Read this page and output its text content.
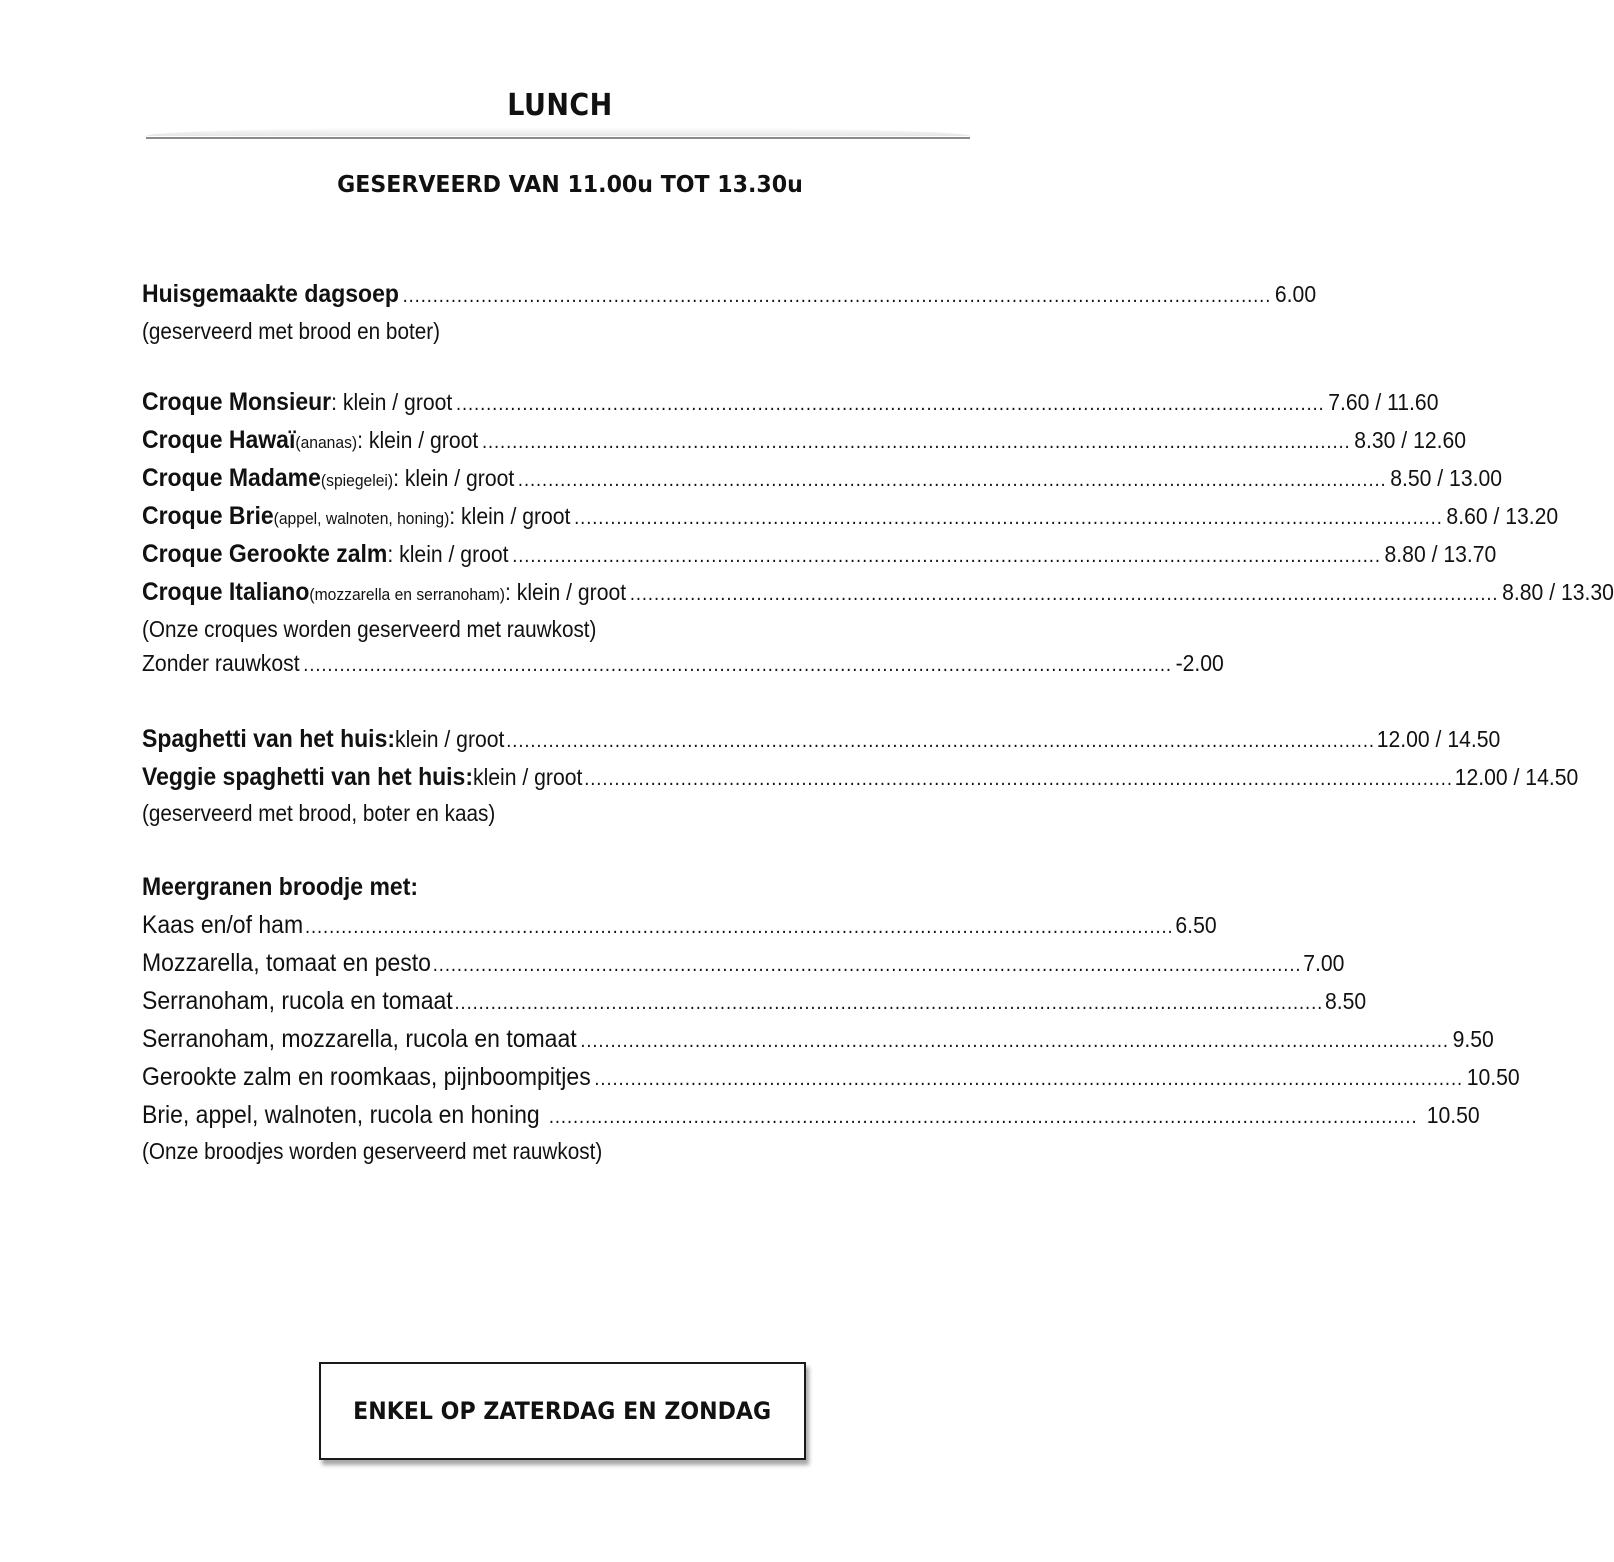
LUNCH
GESERVEERD VAN 11.00u TOT 13.30u
Huisgemaakte dagsoep ................................................................................................................................................ 6.00
(geserveerd met brood en boter)
Croque Monsieur : klein / groot ................................................................................................................................................ 7.60 / 11.60
Croque Hawaï (ananas) : klein / groot ................................................................................................................................................ 8.30 / 12.60
Croque Madame (spiegelei) : klein / groot ................................................................................................................................................ 8.50 / 13.00
Croque Brie (appel, walnoten, honing) : klein / groot ................................................................................................................................................ 8.60 / 13.20
Croque Gerookte zalm : klein / groot ................................................................................................................................................ 8.80 / 13.70
Croque Italiano (mozzarella en serranoham) : klein / groot ................................................................................................................................................ 8.80 / 13.30
(Onze croques worden geserveerd met rauwkost)
Zonder rauwkost ................................................................................................................................................ -2.00
Spaghetti van het huis: klein / groot ................................................................................................................................................ 12.00 / 14.50
Veggie spaghetti van het huis: klein / groot ................................................................................................................................................ 12.00 / 14.50
(geserveerd met brood, boter en kaas)
Meergranen broodje met:
Kaas en/of ham ................................................................................................................................................ 6.50
Mozzarella, tomaat en pesto ................................................................................................................................................ 7.00
Serranoham, rucola en tomaat ................................................................................................................................................ 8.50
Serranoham, mozzarella, rucola en tomaat ................................................................................................................................................ 9.50
Gerookte zalm en roomkaas, pijnboompitjes ................................................................................................................................................ 10.50
Brie, appel, walnoten, rucola en honing ................................................................................................................................................ 10.50
(Onze broodjes worden geserveerd met rauwkost)
ENKEL OP ZATERDAG EN ZONDAG
